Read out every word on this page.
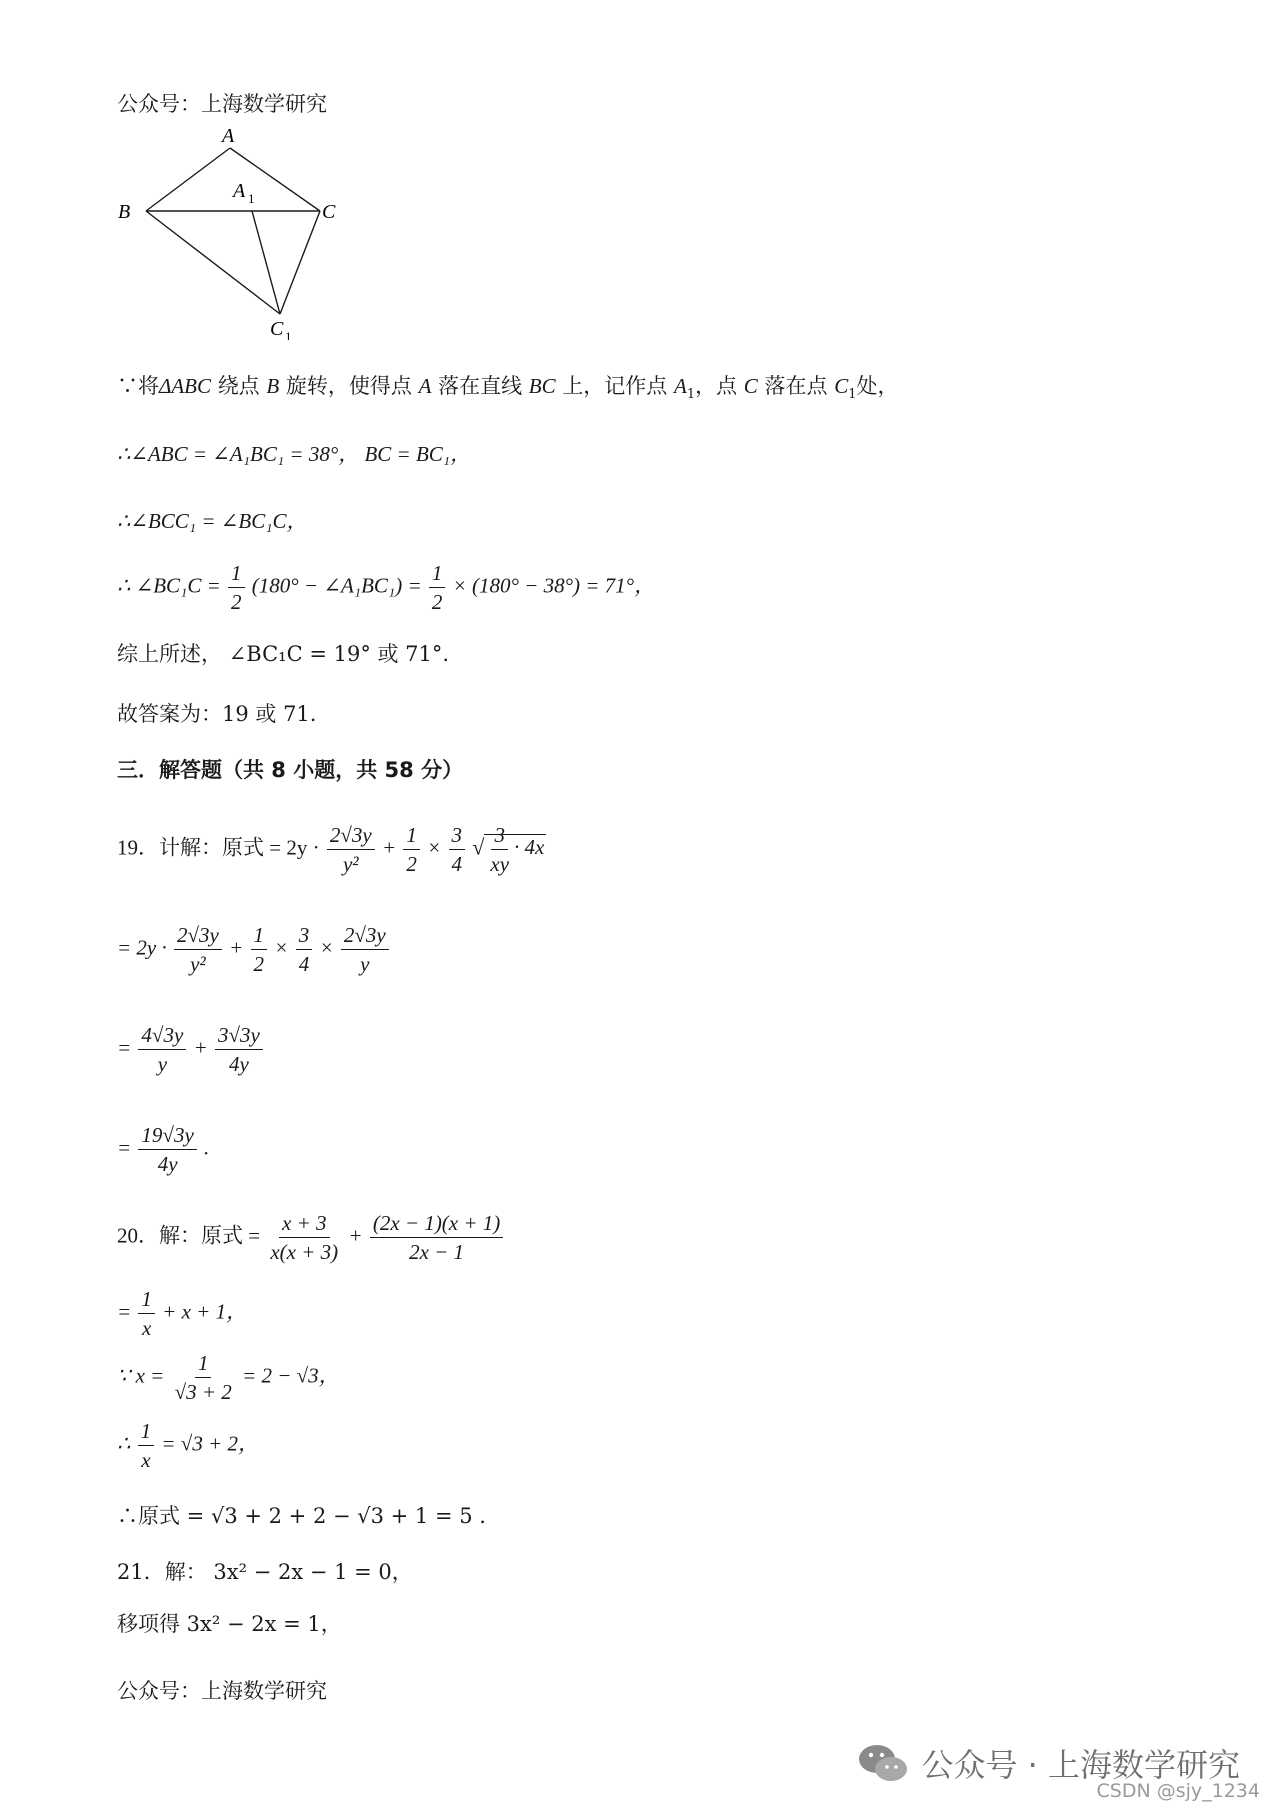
公众号：上海数学研究
A
B	C
A 1
C 1
∵将ΔABC 绕点 B 旋转，使得点 A 落在直线 BC 上，记作点 $A_1$，点 C 落在点 $C_1$处，
∴∠ABC = ∠A₁BC₁ = 38°， BC = BC₁，
∴∠BCC₁ = ∠BC₁C，
∴ ∠BC₁C = $\frac{1}{2} (180^\circ$ − ∠A₁BC₁) = $\frac{1}{2} \times (180^\circ - 38^\circ) = 71^\circ$，
综上所述， ∠BC₁C = 19° 或 71°.
故答案为：19 或 71.
三．解答题（共 8 小题，共 58 分）
19．计解：原式 = $2y \cdot \frac{2√3y}{\text{y²}} + \frac{1}{2} \times \frac{3}{4}$ √ $\frac{3}{xy} \cdot 4x$
= $2y \cdot \frac{2√3y}{\text{y²}} + \frac{1}{2} \times \frac{3}{4} \times \frac{2√3y}{y}$
= $\frac{4√3y}{y} + \frac{3√3y}{4y}$
= $\frac{19√3y}{4y}$ .
20．解：原式 = $\frac{x + 3}{x(x + 3)} + \frac{(2x - 1)(x + 1)}{2x - 1}$
= $\frac{1}{x} + x + 1$，
∵ $x = \frac{1}{√3 + 2} = 2 - √3$，
∴ $\frac{1}{x} = √3 + 2$，
∴原式 = √3 + 2 + 2 − √3 + 1 = 5 .
21．解： 3x² − 2x − 1 = 0，
移项得 3x² − 2x = 1，
公众号：上海数学研究
公众号 · 上海数学研究
CSDN @sjy_1234
